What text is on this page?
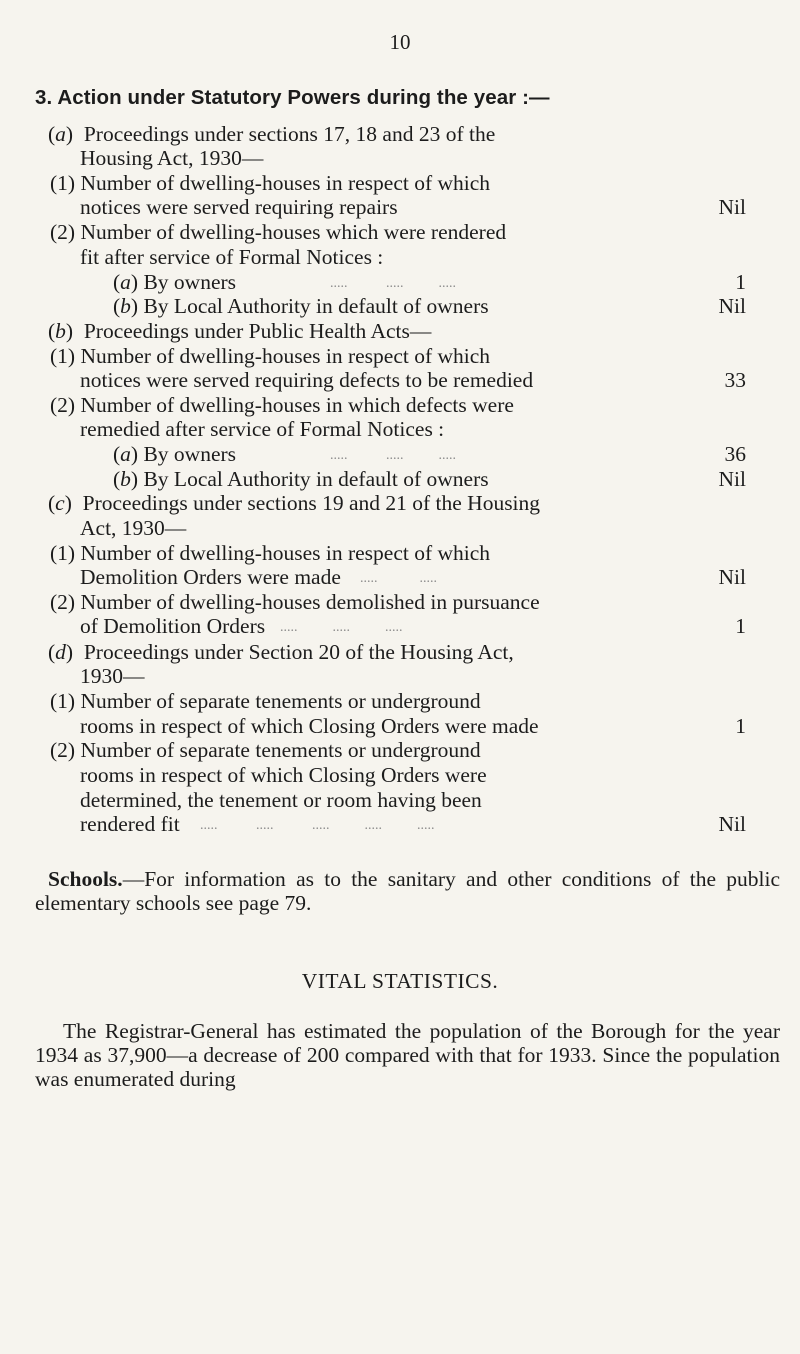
10
3. Action under Statutory Powers during the year :—
(a)  Proceedings under sections 17, 18 and 23 of the
Housing Act, 1930—
(1) Number of dwelling-houses in respect of which
notices were served requiring repairs	Nil
(2) Number of dwelling-houses which were rendered
fit after service of Formal Notices :
(a) By owners	.....           .....          .....	1
(b) By Local Authority in default of owners	Nil
(b)  Proceedings under Public Health Acts—
(1) Number of dwelling-houses in respect of which
notices were served requiring defects to be remedied	33
(2) Number of dwelling-houses in which defects were
remedied after service of Formal Notices :
(a) By owners	.....           .....          .....	36
(b) By Local Authority in default of owners	Nil
(c)  Proceedings under sections 19 and 21 of the Housing
Act, 1930—
(1) Number of dwelling-houses in respect of which
Demolition Orders were made .....            .....	Nil
(2) Number of dwelling-houses demolished in pursuance
of Demolition Orders .....          .....          .....	1
(d)  Proceedings under Section 20 of the Housing Act,
1930—
(1) Number of separate tenements or underground
rooms in respect of which Closing Orders were made	1
(2) Number of separate tenements or underground
rooms in respect of which Closing Orders were
determined, the tenement or room having been
rendered fit .....           .....           .....          .....          .....	Nil
Schools.—For information as to the sanitary and other conditions of the public elementary schools see page 79.
VITAL STATISTICS.
The Registrar-General has estimated the population of the Borough for the year 1934 as 37,900—a decrease of 200 compared with that for 1933. Since the population was enumerated during
